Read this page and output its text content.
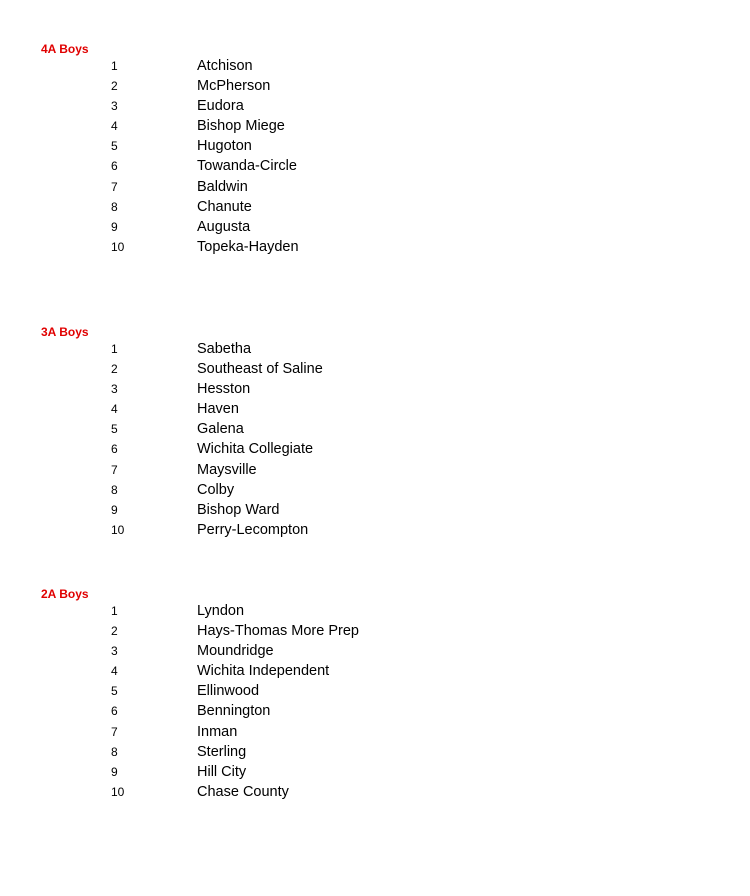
4A Boys
1	Atchison
2	McPherson
3	Eudora
4	Bishop Miege
5	Hugoton
6	Towanda-Circle
7	Baldwin
8	Chanute
9	Augusta
10	Topeka-Hayden
3A Boys
1	Sabetha
2	Southeast of Saline
3	Hesston
4	Haven
5	Galena
6	Wichita Collegiate
7	Maysville
8	Colby
9	Bishop Ward
10	Perry-Lecompton
2A Boys
1	Lyndon
2	Hays-Thomas More Prep
3	Moundridge
4	Wichita Independent
5	Ellinwood
6	Bennington
7	Inman
8	Sterling
9	Hill City
10	Chase County
